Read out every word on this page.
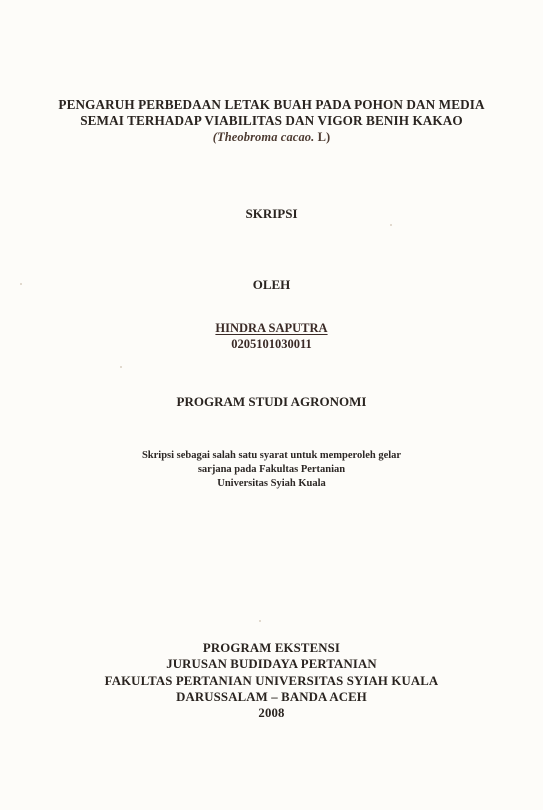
PENGARUH PERBEDAAN LETAK BUAH PADA POHON DAN MEDIA
SEMAI TERHADAP VIABILITAS DAN VIGOR BENIH KAKAO
(Theobroma cacao. L)
SKRIPSI
OLEH
HINDRA SAPUTRA
0205101030011
PROGRAM STUDI AGRONOMI
Skripsi sebagai salah satu syarat untuk memperoleh gelar
sarjana pada Fakultas Pertanian
Universitas Syiah Kuala
PROGRAM EKSTENSI
JURUSAN BUDIDAYA PERTANIAN
FAKULTAS PERTANIAN UNIVERSITAS SYIAH KUALA
DARUSSALAM – BANDA ACEH
2008
